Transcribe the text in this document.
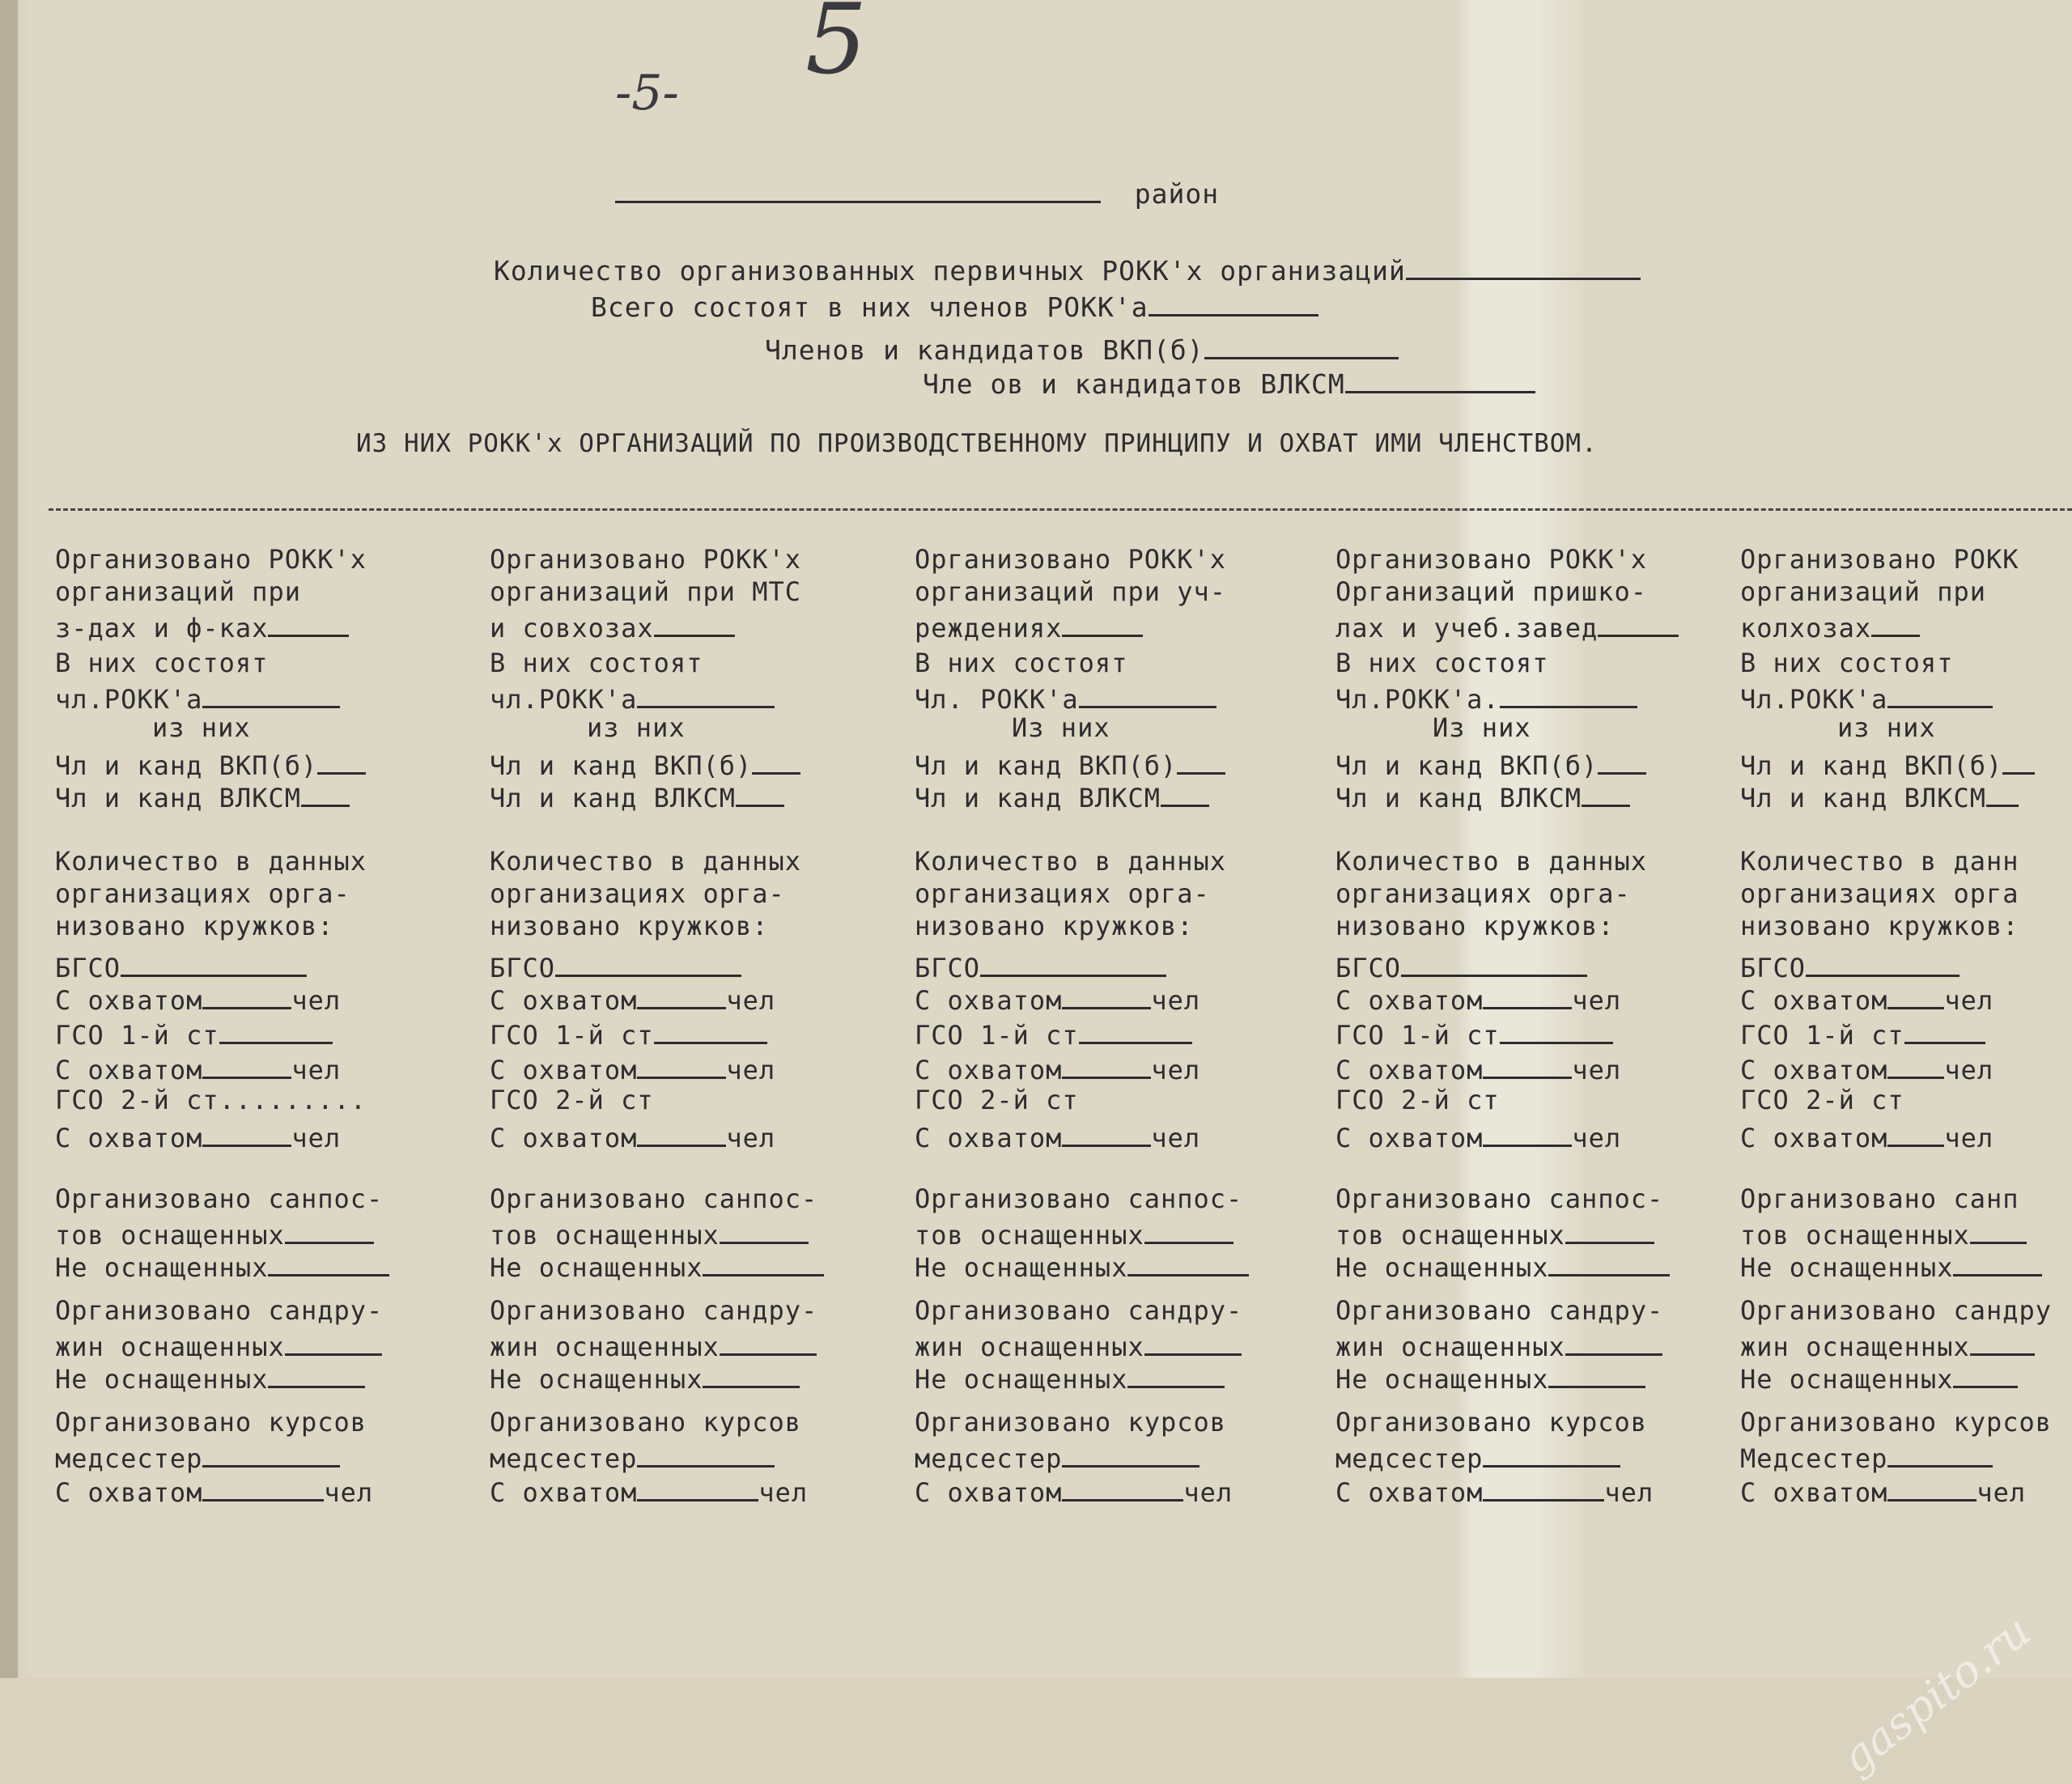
5
-5-
район
Количество организованных первичных РОКК'х организаций
Всего состоят в них членов РОКК'а
Членов и кандидатов ВКП(б)
Чле ов и кандидатов ВЛКСМ
ИЗ НИХ РОКК'х ОРГАНИЗАЦИЙ ПО ПРОИЗВОДСТВЕННОМУ ПРИНЦИПУ И ОХВАТ ИМИ ЧЛЕНСТВОМ.
Организовано РОКК'х
организаций при
з-дах и ф-ках
В них состоят
чл.РОКК'а
из них
Чл и канд ВКП(б)
Чл и канд ВЛКСМ
Количество в данных
организациях орга-
низовано кружков:
БГСО
С охватом	чел
ГСО 1-й ст
С охватом	чел
ГСО 2-й ст.........
С охватом	чел
Организовано санпос-
тов оснащенных
Не оснащенных
Организовано сандру-
жин оснащенных
Не оснащенных
Организовано курсов
медсестер
С охватом	чел
Организовано РОКК'х
организаций при МТС
и совхозах
В них состоят
чл.РОКК'а
из них
Чл и канд ВКП(б)
Чл и канд ВЛКСМ
Количество в данных
организациях орга-
низовано кружков:
БГСО
С охватом	чел
ГСО 1-й ст
С охватом	чел
ГСО 2-й ст
С охватом	чел
Организовано санпос-
тов оснащенных
Не оснащенных
Организовано сандру-
жин оснащенных
Не оснащенных
Организовано курсов
медсестер
С охватом	чел
Организовано РОКК'х
организаций при уч-
реждениях
В них состоят
Чл. РОКК'а
Из них
Чл и канд ВКП(б)
Чл и канд ВЛКСМ
Количество в данных
организациях орга-
низовано кружков:
БГСО
С охватом	чел
ГСО 1-й ст
С охватом	чел
ГСО 2-й ст
С охватом	чел
Организовано санпос-
тов оснащенных
Не оснащенных
Организовано сандру-
жин оснащенных
Не оснащенных
Организовано курсов
медсестер
С охватом	чел
Организовано РОКК'х
Организаций пришко-
лах и учеб.завед
В них состоят
Чл.РОКК'а.
Из них
Чл и канд ВКП(б)
Чл и канд ВЛКСМ
Количество в данных
организациях орга-
низовано кружков:
БГСО
С охватом	чел
ГСО 1-й ст
С охватом	чел
ГСО 2-й ст
С охватом	чел
Организовано санпос-
тов оснащенных
Не оснащенных
Организовано сандру-
жин оснащенных
Не оснащенных
Организовано курсов
медсестер
С охватом	чел
Организовано РОКК
организаций при
колхозах
В них состоят
Чл.РОКК'а
из них
Чл и канд ВКП(б)
Чл и канд ВЛКСМ
Количество в данн
организациях орга
низовано кружков:
БГСО
С охватом чел
ГСО 1-й ст
С охватом чел
ГСО 2-й ст
С охватом чел
Организовано санп
тов оснащенных
Не оснащенных
Организовано сандру
жин оснащенных
Не оснащенных
Организовано курсов
Медсестер
С охватом	чел
gaspito.ru
